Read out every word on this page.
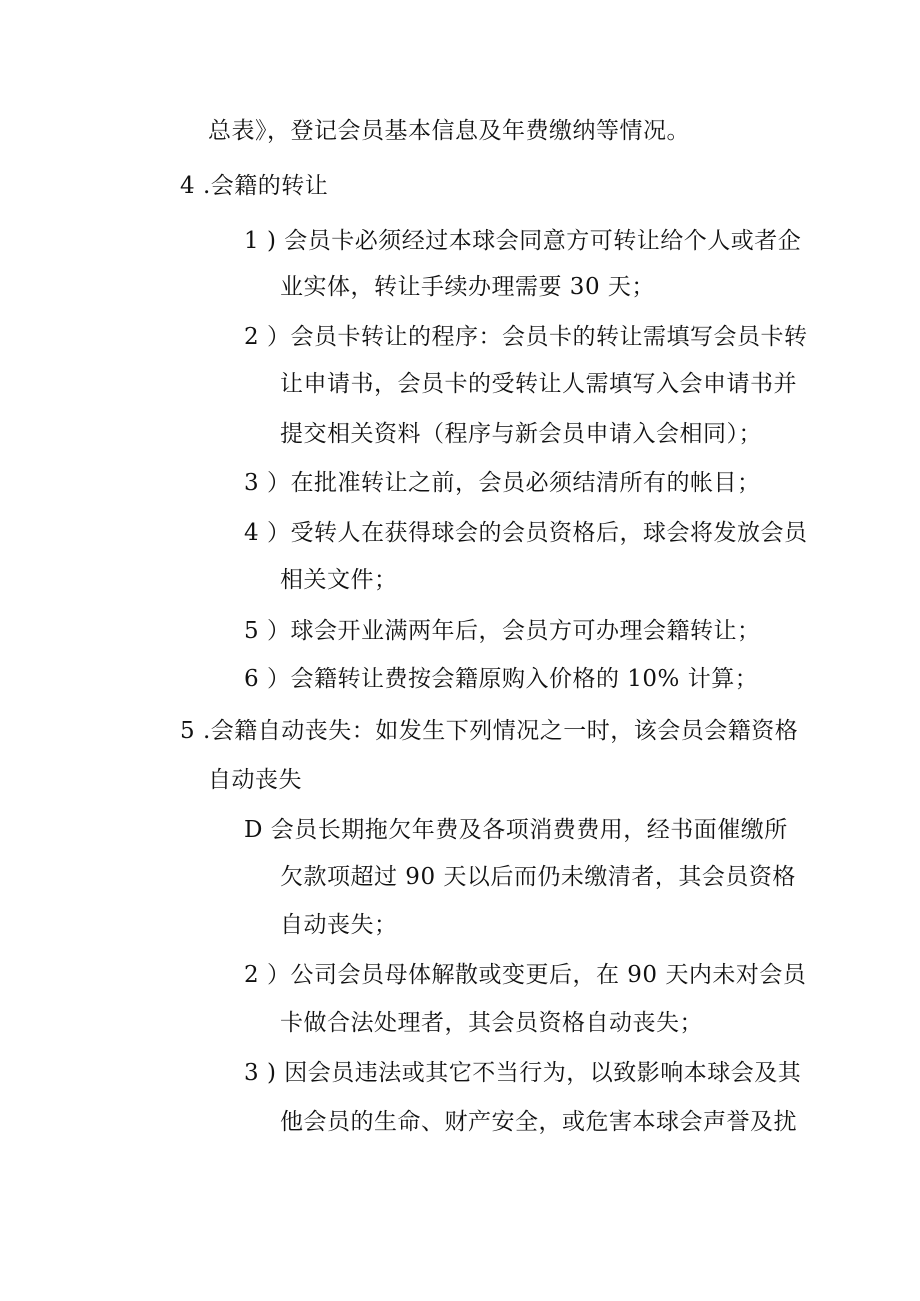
总表》，登记会员基本信息及年费缴纳等情况。
4 .会籍的转让
1 ) 会员卡必须经过本球会同意方可转让给个人或者企
业实体，转让手续办理需要 30 天；
2 ）会员卡转让的程序：会员卡的转让需填写会员卡转
让申请书，会员卡的受转让人需填写入会申请书并
提交相关资料（程序与新会员申请入会相同）；
3 ）在批准转让之前，会员必须结清所有的帐目；
4 ）受转人在获得球会的会员资格后，球会将发放会员
相关文件；
5 ）球会开业满两年后，会员方可办理会籍转让；
6 ）会籍转让费按会籍原购入价格的 10% 计算；
5 .会籍自动丧失：如发生下列情况之一时，该会员会籍资格
自动丧失
D 会员长期拖欠年费及各项消费费用，经书面催缴所
欠款项超过 90 天以后而仍未缴清者，其会员资格
自动丧失；
2 ）公司会员母体解散或变更后，在 90 天内未对会员
卡做合法处理者，其会员资格自动丧失；
3 ) 因会员违法或其它不当行为，以致影响本球会及其
他会员的生命、财产安全，或危害本球会声誉及扰
